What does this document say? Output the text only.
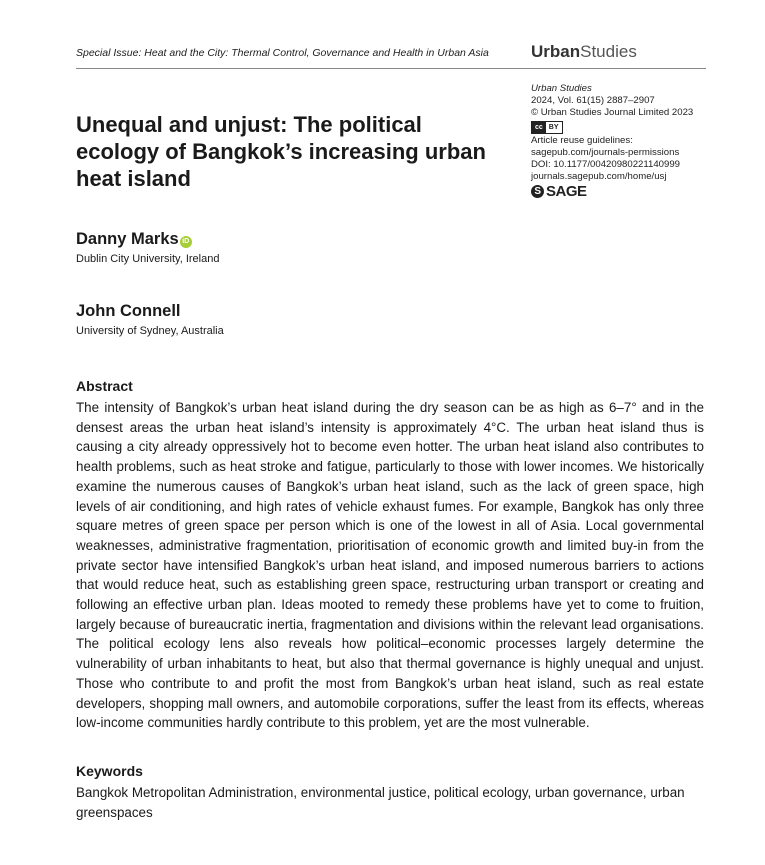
Special Issue: Heat and the City: Thermal Control, Governance and Health in Urban Asia UrbanStudies
Urban Studies
2024, Vol. 61(15) 2887–2907
© Urban Studies Journal Limited 2023
cc BY
Article reuse guidelines:
sagepub.com/journals-permissions
DOI: 10.1177/00420980221140999
journals.sagepub.com/home/usj
S SAGE
Unequal and unjust: The political ecology of Bangkok’s increasing urban heat island
Danny Marks iD
Dublin City University, Ireland
John Connell
University of Sydney, Australia
Abstract

The intensity of Bangkok’s urban heat island during the dry season can be as high as 6–7° and in the densest areas the urban heat island’s intensity is approximately 4°C. The urban heat island thus is causing a city already oppressively hot to become even hotter. The urban heat island also contributes to health problems, such as heat stroke and fatigue, particularly to those with lower incomes. We historically examine the numerous causes of Bangkok’s urban heat island, such as the lack of green space, high levels of air conditioning, and high rates of vehicle exhaust fumes. For example, Bangkok has only three square metres of green space per person which is one of the lowest in all of Asia. Local governmental weaknesses, administrative fragmentation, prioritisation of economic growth and limited buy-in from the private sector have intensified Bangkok’s urban heat island, and imposed numerous barriers to actions that would reduce heat, such as establishing green space, restructuring urban transport or creating and following an effective urban plan. Ideas mooted to remedy these problems have yet to come to fruition, largely because of bureaucratic inertia, fragmentation and divisions within the relevant lead organisations. The political ecology lens also reveals how political–economic processes largely determine the vulnerability of urban inhabitants to heat, but also that thermal governance is highly unequal and unjust. Those who contribute to and profit the most from Bangkok’s urban heat island, such as real estate developers, shopping mall owners, and automobile corporations, suffer the least from its effects, whereas low-income communities hardly contribute to this problem, yet are the most vulnerable.

Keywords

Bangkok Metropolitan Administration, environmental justice, political ecology, urban governance, urban greenspaces
